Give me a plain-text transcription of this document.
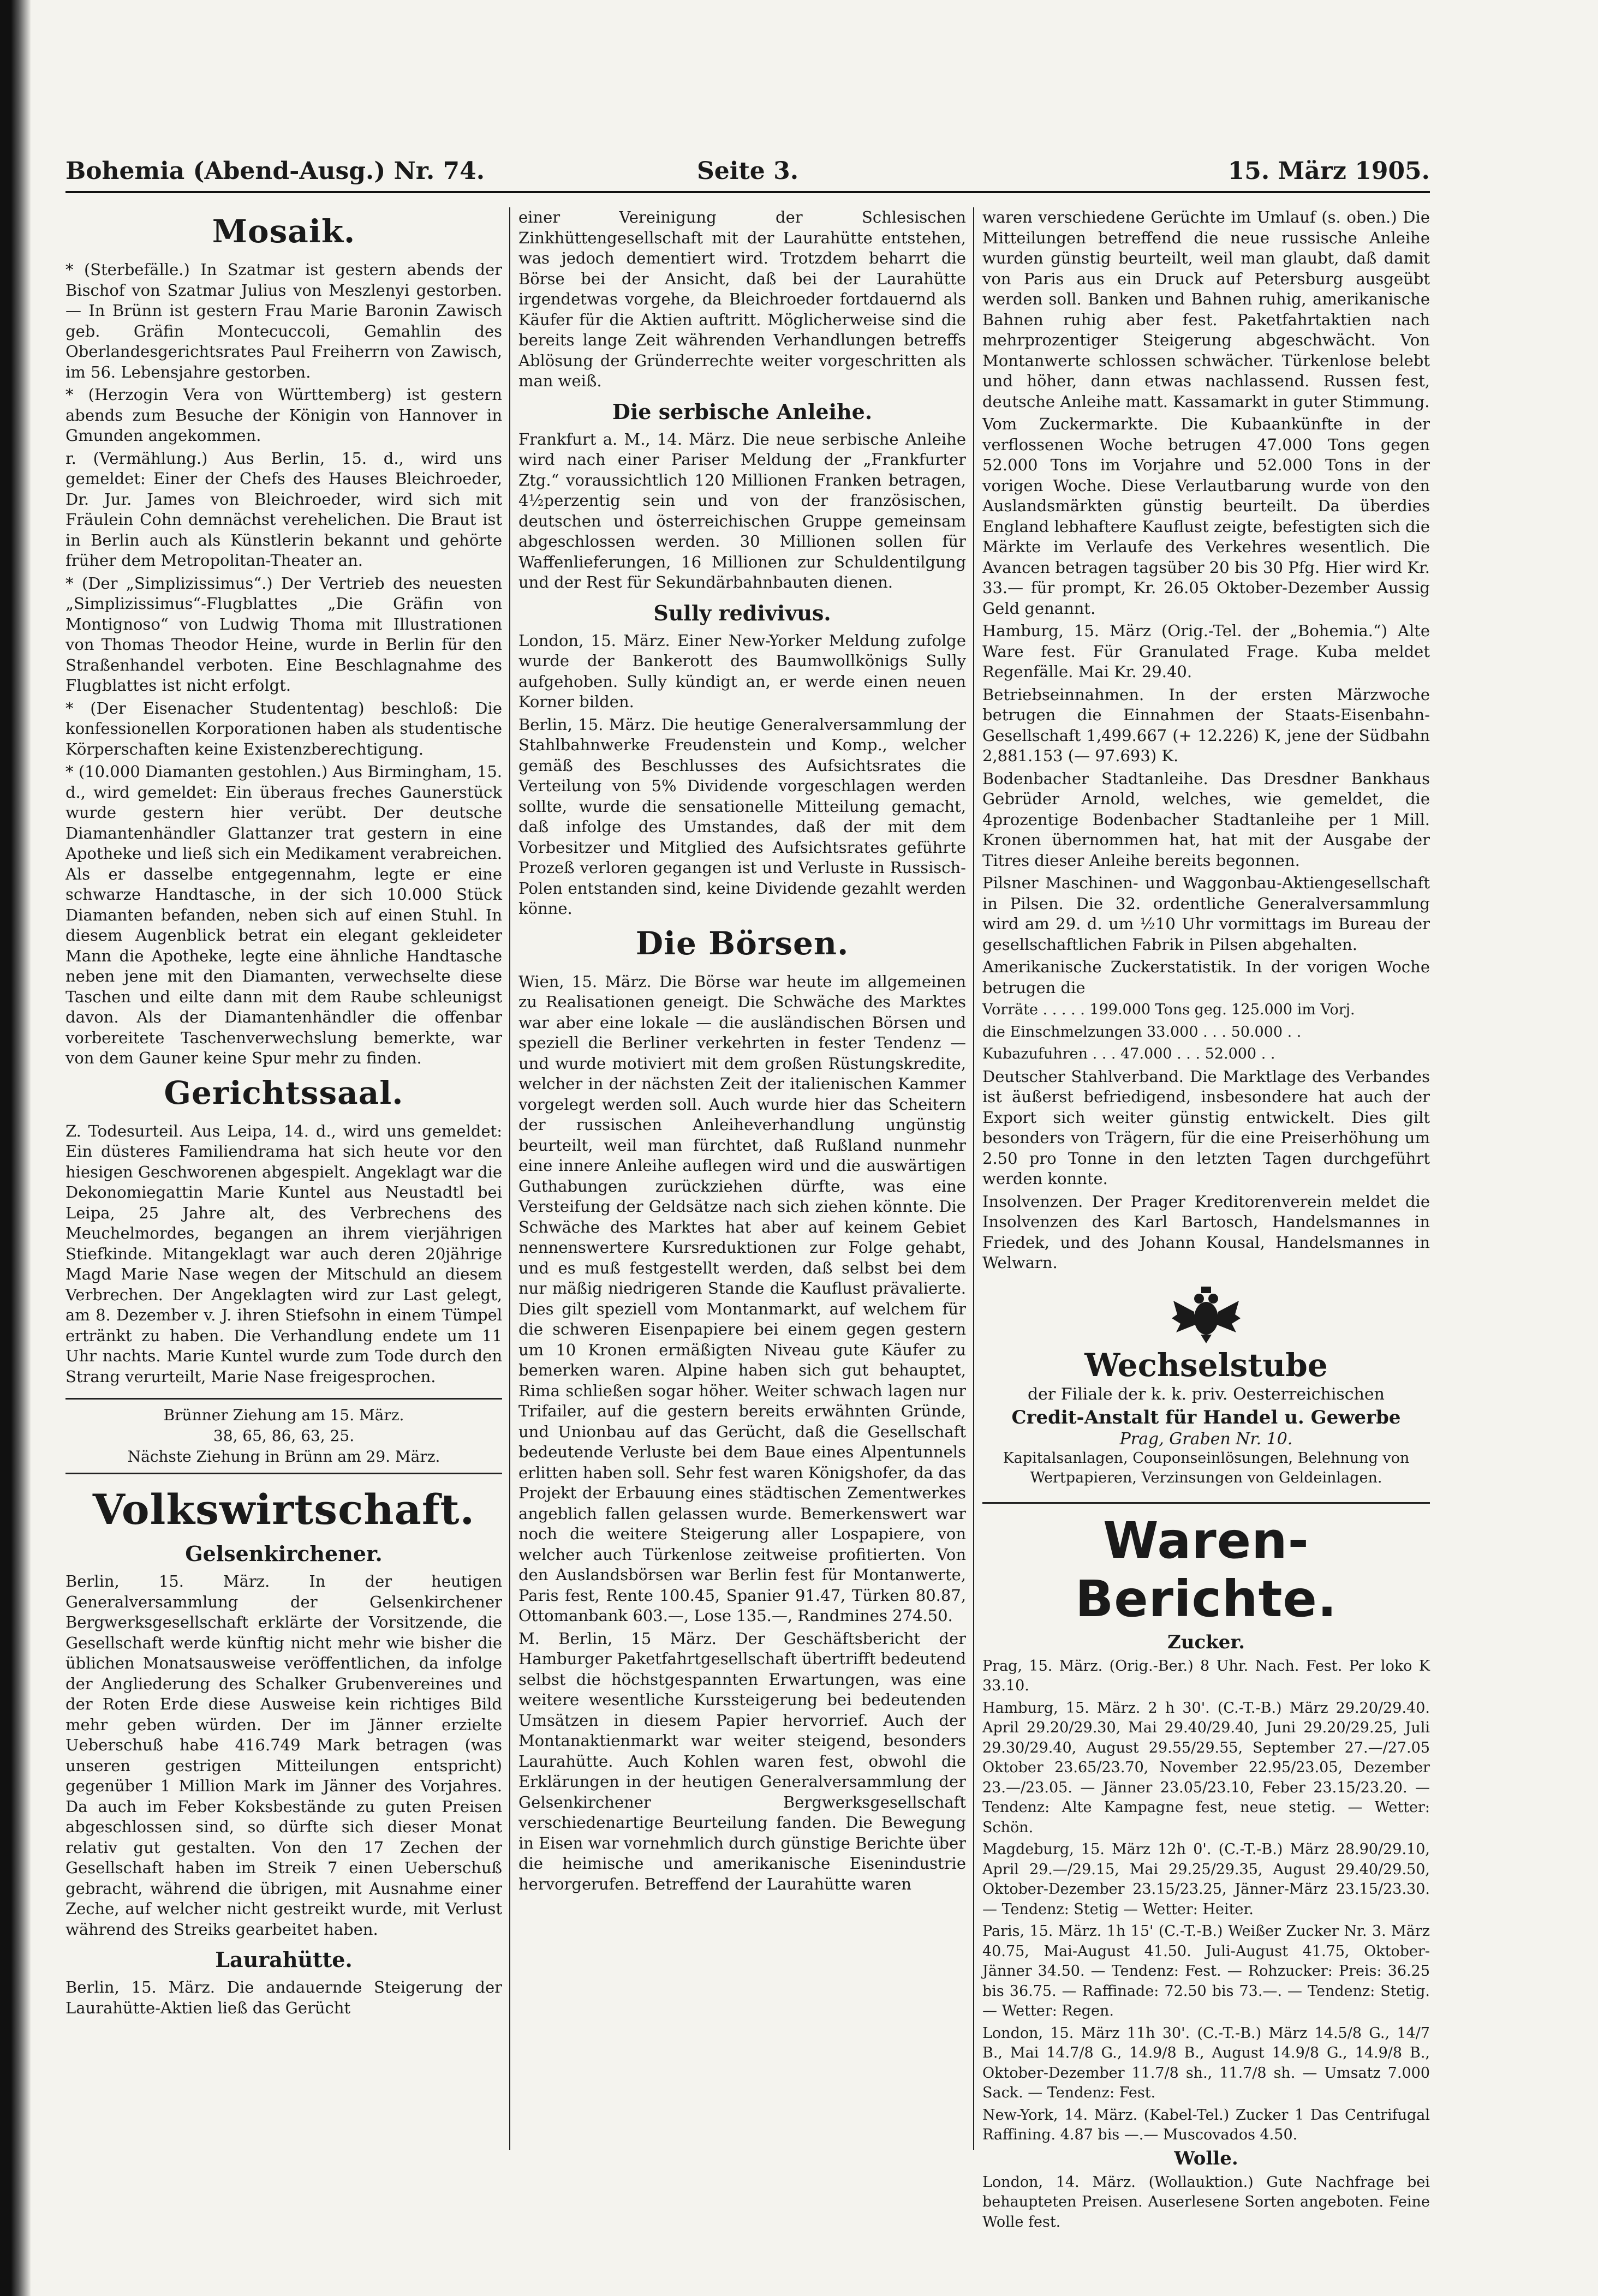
Bohemia (Abend-Ausg.) Nr. 74.	Seite 3.	15. März 1905.
Mosaik.

* (Sterbefälle.) In Szatmar ist gestern abends der Bischof von Szatmar Julius von Meszlenyi gestorben. — In Brünn ist gestern Frau Marie Baronin Zawisch geb. Gräfin Montecuccoli, Gemahlin des Oberlandesgerichtsrates Paul Freiherrn von Zawisch, im 56. Lebensjahre gestorben.

* (Herzogin Vera von Württemberg) ist gestern abends zum Besuche der Königin von Hannover in Gmunden angekommen.

r. (Vermählung.) Aus Berlin, 15. d., wird uns gemeldet: Einer der Chefs des Hauses Bleichroeder, Dr. Jur. James von Bleichroeder, wird sich mit Fräulein Cohn demnächst verehelichen. Die Braut ist in Berlin auch als Künstlerin bekannt und gehörte früher dem Metropolitan-Theater an.

* (Der „Simplizissimus“.) Der Vertrieb des neuesten „Simplizissimus“-Flugblattes „Die Gräfin von Montignoso“ von Ludwig Thoma mit Illustrationen von Thomas Theodor Heine, wurde in Berlin für den Straßenhandel verboten. Eine Beschlagnahme des Flugblattes ist nicht erfolgt.

* (Der Eisenacher Studententag) beschloß: Die konfessionellen Korporationen haben als studentische Körperschaften keine Existenzberechtigung.

* (10.000 Diamanten gestohlen.) Aus Birmingham, 15. d., wird gemeldet: Ein überaus freches Gaunerstück wurde gestern hier verübt. Der deutsche Diamantenhändler Glattanzer trat gestern in eine Apotheke und ließ sich ein Medikament verabreichen. Als er dasselbe entgegennahm, legte er eine schwarze Handtasche, in der sich 10.000 Stück Diamanten befanden, neben sich auf einen Stuhl. In diesem Augenblick betrat ein elegant gekleideter Mann die Apotheke, legte eine ähnliche Handtasche neben jene mit den Diamanten, verwechselte diese Taschen und eilte dann mit dem Raube schleunigst davon. Als der Diamantenhändler die offenbar vorbereitete Taschenverwechslung bemerkte, war von dem Gauner keine Spur mehr zu finden.

Gerichtssaal.

Z. Todesurteil. Aus Leipa, 14. d., wird uns gemeldet: Ein düsteres Familiendrama hat sich heute vor den hiesigen Geschworenen abgespielt. Angeklagt war die Dekonomiegattin Marie Kuntel aus Neustadtl bei Leipa, 25 Jahre alt, des Verbrechens des Meuchelmordes, begangen an ihrem vierjährigen Stiefkinde. Mitangeklagt war auch deren 20jährige Magd Marie Nase wegen der Mitschuld an diesem Verbrechen. Der Angeklagten wird zur Last gelegt, am 8. Dezember v. J. ihren Stiefsohn in einem Tümpel ertränkt zu haben. Die Verhandlung endete um 11 Uhr nachts. Marie Kuntel wurde zum Tode durch den Strang verurteilt, Marie Nase freigesprochen.

Brünner Ziehung am 15. März.
38, 65, 86, 63, 25.
Nächste Ziehung in Brünn am 29. März.
Volkswirtschaft.
Gelsenkirchener.

Berlin, 15. März. In der heutigen Generalversammlung der Gelsenkirchener Bergwerksgesellschaft erklärte der Vorsitzende, die Gesellschaft werde künftig nicht mehr wie bisher die üblichen Monatsausweise veröffentlichen, da infolge der Angliederung des Schalker Grubenvereines und der Roten Erde diese Ausweise kein richtiges Bild mehr geben würden. Der im Jänner erzielte Ueberschuß habe 416.749 Mark betragen (was unseren gestrigen Mitteilungen entspricht) gegenüber 1 Million Mark im Jänner des Vorjahres. Da auch im Feber Koksbestände zu guten Preisen abgeschlossen sind, so dürfte sich dieser Monat relativ gut gestalten. Von den 17 Zechen der Gesellschaft haben im Streik 7 einen Ueberschuß gebracht, während die übrigen, mit Ausnahme einer Zeche, auf welcher nicht gestreikt wurde, mit Verlust während des Streiks gearbeitet haben.

Laurahütte.

Berlin, 15. März. Die andauernde Steigerung der Laurahütte-Aktien ließ das Gerücht

einer Vereinigung der Schlesischen Zinkhüttengesellschaft mit der Laurahütte entstehen, was jedoch dementiert wird. Trotzdem beharrt die Börse bei der Ansicht, daß bei der Laurahütte irgendetwas vorgehe, da Bleichroeder fortdauernd als Käufer für die Aktien auftritt. Möglicherweise sind die bereits lange Zeit währenden Verhandlungen betreffs Ablösung der Gründerrechte weiter vorgeschritten als man weiß.

Die serbische Anleihe.

Frankfurt a. M., 14. März. Die neue serbische Anleihe wird nach einer Pariser Meldung der „Frankfurter Ztg.“ voraussichtlich 120 Millionen Franken betragen, 4½perzentig sein und von der französischen, deutschen und österreichischen Gruppe gemeinsam abgeschlossen werden. 30 Millionen sollen für Waffenlieferungen, 16 Millionen zur Schuldentilgung und der Rest für Sekundärbahnbauten dienen.

Sully redivivus.

London, 15. März. Einer New-Yorker Meldung zufolge wurde der Bankerott des Baumwollkönigs Sully aufgehoben. Sully kündigt an, er werde einen neuen Korner bilden.

Berlin, 15. März. Die heutige Generalversammlung der Stahlbahnwerke Freudenstein und Komp., welcher gemäß des Beschlusses des Aufsichtsrates die Verteilung von 5% Dividende vorgeschlagen werden sollte, wurde die sensationelle Mitteilung gemacht, daß infolge des Umstandes, daß der mit dem Vorbesitzer und Mitglied des Aufsichtsrates geführte Prozeß verloren gegangen ist und Verluste in Russisch-Polen entstanden sind, keine Dividende gezahlt werden könne.

Die Börsen.

Wien, 15. März. Die Börse war heute im allgemeinen zu Realisationen geneigt. Die Schwäche des Marktes war aber eine lokale — die ausländischen Börsen und speziell die Berliner verkehrten in fester Tendenz — und wurde motiviert mit dem großen Rüstungskredite, welcher in der nächsten Zeit der italienischen Kammer vorgelegt werden soll. Auch wurde hier das Scheitern der russischen Anleiheverhandlung ungünstig beurteilt, weil man fürchtet, daß Rußland nunmehr eine innere Anleihe auflegen wird und die auswärtigen Guthabungen zurückziehen dürfte, was eine Versteifung der Geldsätze nach sich ziehen könnte. Die Schwäche des Marktes hat aber auf keinem Gebiet nennenswertere Kursreduktionen zur Folge gehabt, und es muß festgestellt werden, daß selbst bei dem nur mäßig niedrigeren Stande die Kauflust prävalierte. Dies gilt speziell vom Montanmarkt, auf welchem für die schweren Eisenpapiere bei einem gegen gestern um 10 Kronen ermäßigten Niveau gute Käufer zu bemerken waren. Alpine haben sich gut behauptet, Rima schließen sogar höher. Weiter schwach lagen nur Trifailer, auf die gestern bereits erwähnten Gründe, und Unionbau auf das Gerücht, daß die Gesellschaft bedeutende Verluste bei dem Baue eines Alpentunnels erlitten haben soll. Sehr fest waren Königshofer, da das Projekt der Erbauung eines städtischen Zementwerkes angeblich fallen gelassen wurde. Bemerkenswert war noch die weitere Steigerung aller Lospapiere, von welcher auch Türkenlose zeitweise profitierten. Von den Auslandsbörsen war Berlin fest für Montanwerte, Paris fest, Rente 100.45, Spanier 91.47, Türken 80.87, Ottomanbank 603.—, Lose 135.—, Randmines 274.50.

M. Berlin, 15 März. Der Geschäftsbericht der Hamburger Paketfahrtgesellschaft übertrifft bedeutend selbst die höchstgespannten Erwartungen, was eine weitere wesentliche Kurssteigerung bei bedeutenden Umsätzen in diesem Papier hervorrief. Auch der Montanaktienmarkt war weiter steigend, besonders Laurahütte. Auch Kohlen waren fest, obwohl die Erklärungen in der heutigen Generalversammlung der Gelsenkirchener Bergwerksgesellschaft verschiedenartige Beurteilung fanden. Die Bewegung in Eisen war vornehmlich durch günstige Berichte über die heimische und amerikanische Eisenindustrie hervorgerufen. Betreffend der Laurahütte waren

waren verschiedene Gerüchte im Umlauf (s. oben.) Die Mitteilungen betreffend die neue russische Anleihe wurden günstig beurteilt, weil man glaubt, daß damit von Paris aus ein Druck auf Petersburg ausgeübt werden soll. Banken und Bahnen ruhig, amerikanische Bahnen ruhig aber fest. Paketfahrtaktien nach mehrprozentiger Steigerung abgeschwächt. Von Montanwerte schlossen schwächer. Türkenlose belebt und höher, dann etwas nachlassend. Russen fest, deutsche Anleihe matt. Kassamarkt in guter Stimmung.

Vom Zuckermarkte. Die Kubaankünfte in der verflossenen Woche betrugen 47.000 Tons gegen 52.000 Tons im Vorjahre und 52.000 Tons in der vorigen Woche. Diese Verlautbarung wurde von den Auslandsmärkten günstig beurteilt. Da überdies England lebhaftere Kauflust zeigte, befestigten sich die Märkte im Verlaufe des Verkehres wesentlich. Die Avancen betragen tagsüber 20 bis 30 Pfg. Hier wird Kr. 33.— für prompt, Kr. 26.05 Oktober-Dezember Aussig Geld genannt.

Hamburg, 15. März (Orig.-Tel. der „Bohemia.“) Alte Ware fest. Für Granulated Frage. Kuba meldet Regenfälle. Mai Kr. 29.40.

Betriebseinnahmen. In der ersten Märzwoche betrugen die Einnahmen der Staats-Eisenbahn-Gesellschaft 1,499.667 (+ 12.226) K, jene der Südbahn 2,881.153 (— 97.693) K.

Bodenbacher Stadtanleihe. Das Dresdner Bankhaus Gebrüder Arnold, welches, wie gemeldet, die 4prozentige Bodenbacher Stadtanleihe per 1 Mill. Kronen übernommen hat, hat mit der Ausgabe der Titres dieser Anleihe bereits begonnen.

Pilsner Maschinen- und Waggonbau-Aktiengesellschaft in Pilsen. Die 32. ordentliche Generalversammlung wird am 29. d. um ½10 Uhr vormittags im Bureau der gesellschaftlichen Fabrik in Pilsen abgehalten.

Amerikanische Zuckerstatistik. In der vorigen Woche betrugen die

Vorräte . . . . . 199.000 Tons geg. 125.000 im Vorj.

die Einschmelzungen 33.000 . . . 50.000 . .

Kubazufuhren . . . 47.000 . . . 52.000 . .

Deutscher Stahlverband. Die Marktlage des Verbandes ist äußerst befriedigend, insbesondere hat auch der Export sich weiter günstig entwickelt. Dies gilt besonders von Trägern, für die eine Preiserhöhung um 2.50 pro Tonne in den letzten Tagen durchgeführt werden konnte.

Insolvenzen. Der Prager Kreditorenverein meldet die Insolvenzen des Karl Bartosch, Handelsmannes in Friedek, und des Johann Kousal, Handelsmannes in Welwarn.

Wechselstube
der Filiale der k. k. priv. Oesterreichischen
Credit-Anstalt für Handel u. Gewerbe
Prag, Graben Nr. 10.
Kapitalsanlagen, Couponseinlösungen, Belehnung von Wertpapieren, Verzinsungen von Geldeinlagen.
Waren-Berichte.
Zucker.

Prag, 15. März. (Orig.-Ber.) 8 Uhr. Nach. Fest. Per loko K 33.10.

Hamburg, 15. März. 2 h 30'. (C.-T.-B.) März 29.20/29.40. April 29.20/29.30, Mai 29.40/29.40, Juni 29.20/29.25, Juli 29.30/29.40, August 29.55/29.55, September 27.—/27.05 Oktober 23.65/23.70, November 22.95/23.05, Dezember 23.—/23.05. — Jänner 23.05/23.10, Feber 23.15/23.20. — Tendenz: Alte Kampagne fest, neue stetig. — Wetter: Schön.

Magdeburg, 15. März 12h 0'. (C.-T.-B.) März 28.90/29.10, April 29.—/29.15, Mai 29.25/29.35, August 29.40/29.50, Oktober-Dezember 23.15/23.25, Jänner-März 23.15/23.30. — Tendenz: Stetig — Wetter: Heiter.

Paris, 15. März. 1h 15' (C.-T.-B.) Weißer Zucker Nr. 3. März 40.75, Mai-August 41.50. Juli-August 41.75, Oktober-Jänner 34.50. — Tendenz: Fest. — Rohzucker: Preis: 36.25 bis 36.75. — Raffinade: 72.50 bis 73.—. — Tendenz: Stetig. — Wetter: Regen.

London, 15. März 11h 30'. (C.-T.-B.) März 14.5/8 G., 14/7 B., Mai 14.7/8 G., 14.9/8 B., August 14.9/8 G., 14.9/8 B., Oktober-Dezember 11.7/8 sh., 11.7/8 sh. — Umsatz 7.000 Sack. — Tendenz: Fest.

New-York, 14. März. (Kabel-Tel.) Zucker 1 Das Centrifugal Raffining. 4.87 bis —.— Muscovados 4.50.

Wolle.

London, 14. März. (Wollauktion.) Gute Nachfrage bei behaupteten Preisen. Auserlesene Sorten angeboten. Feine Wolle fest.
